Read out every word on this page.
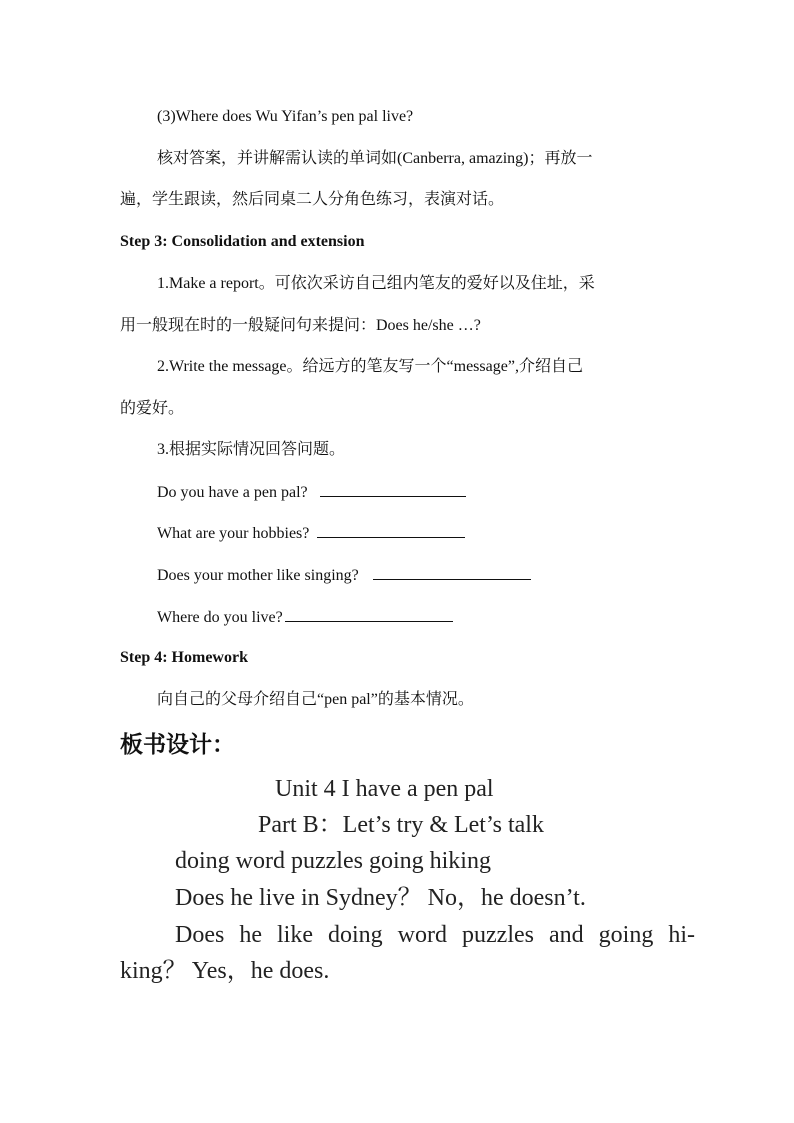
(3)Where does Wu Yifan’s pen pal live?
核对答案，并讲解需认读的单词如(Canberra, amazing)；再放一
遍，学生跟读，然后同桌二人分角色练习，表演对话。
Step 3: Consolidation and extension
1.Make a report。可依次采访自己组内笔友的爱好以及住址，采
用一般现在时的一般疑问句来提问：Does he/she …?
2.Write the message。给远方的笔友写一个“message”,介绍自己
的爱好。
3.根据实际情况回答问题。
Do you have a pen pal?
What are your hobbies?
Does your mother like singing?
Where do you live?
Step 4: Homework
向自己的父母介绍自己“pen pal”的基本情况。
板书设计：
Unit 4 I have a pen pal
Part B：Let’s try & Let’s talk
doing word puzzles going hiking
Does he live in Sydney？ No，he doesn’t.
Does he like doing word puzzles and going hi-
king？ Yes，he does.
